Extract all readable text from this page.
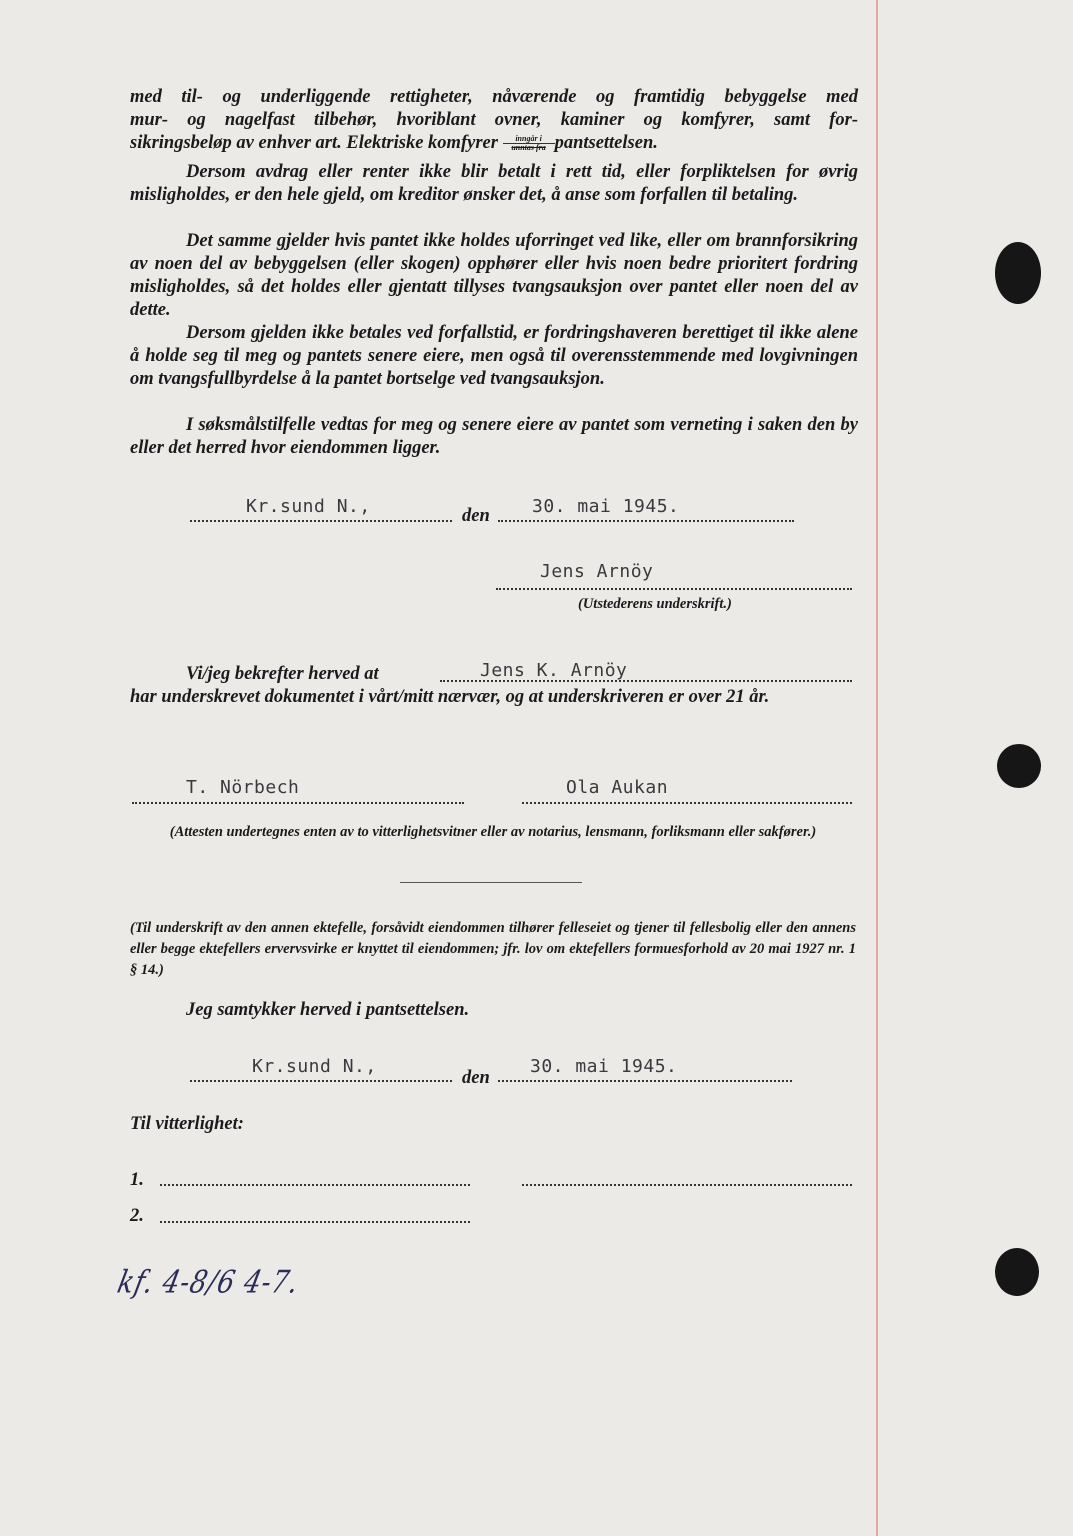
med til- og underliggende rettigheter, nåværende og framtidig bebyggelse med

mur- og nagelfast tilbehør, hvoriblant ovner, kaminer og komfyrer, samt for-

sikringsbeløp av enhver art. Elektriske komfyrer $\frac{\text{inngår i}}{\text{unntas fra}}$ pantsettelsen.

Dersom avdrag eller renter ikke blir betalt i rett tid, eller forpliktelsen for øvrig misligholdes, er den hele gjeld, om kreditor ønsker det, å anse som forfallen til betaling.

Det samme gjelder hvis pantet ikke holdes uforringet ved like, eller om brannforsikring av noen del av bebyggelsen (eller skogen) opphører eller hvis noen bedre prioritert fordring misligholdes, så det holdes eller gjentatt tillyses tvangsauksjon over pantet eller noen del av dette.

Dersom gjelden ikke betales ved forfallstid, er fordringshaveren berettiget til ikke alene å holde seg til meg og pantets senere eiere, men også til overensstemmende med lovgivningen om tvangsfullbyrdelse å la pantet bortselge ved tvangsauksjon.

I søksmålstilfelle vedtas for meg og senere eiere av pantet som verneting i saken den by eller det herred hvor eiendommen ligger.

Kr.sund N.,	den 30. mai 1945.
Jens Arnöy
(Utstederens underskrift.)
Vi/jeg bekrefter herved at	Jens K. Arnöy

har underskrevet dokumentet i vårt/mitt nærvær, og at underskriveren er over 21 år.

T. Nörbech	Ola Aukan
(Attesten undertegnes enten av to vitterlighetsvitner eller av notarius, lensmann, forliksmann eller sakfører.)
(Til underskrift av den annen ektefelle, forsåvidt eiendommen tilhører felleseiet og tjener til fellesbolig eller den annens eller begge ektefellers ervervsvirke er knyttet til eiendommen; jfr. lov om ektefellers formuesforhold av 20 mai 1927 nr. 1 § 14.)
Jeg samtykker herved i pantsettelsen.
Kr.sund N.,
den
30. mai 1945.
Til vitterlighet:
1.
2.
kf. 4-8/6 4-7.
